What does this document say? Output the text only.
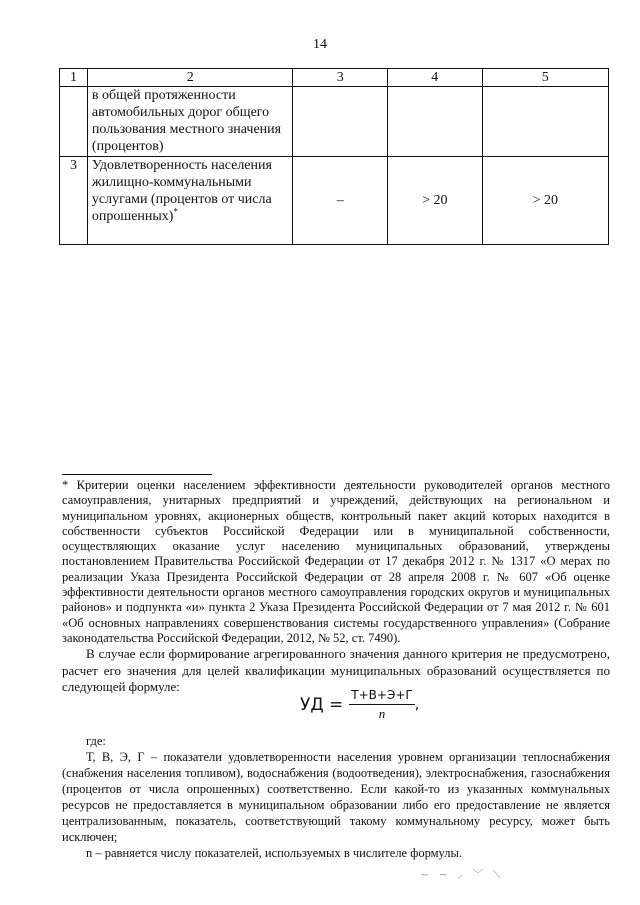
14
1	2	3	4	5
	в общей протяженности автомобильных дорог общего пользования местного значения (процентов)			
3	Удовлетворенность населения жилищно-коммунальными услугами (процентов от числа опрошенных)*	–	> 20	> 20
* Критерии оценки населением эффективности деятельности руководителей органов местного самоуправления, унитарных предприятий и учреждений, действующих на региональном и муниципальном уровнях, акционерных обществ, контрольный пакет акций которых находится в собственности субъектов Российской Федерации или в муниципальной собственности, осуществляющих оказание услуг населению муниципальных образований, утверждены постановлением Правительства Российской Федерации от 17 декабря 2012 г. № 1317 «О мерах по реализации Указа Президента Российской Федерации от 28 апреля 2008 г. № 607 «Об оценке эффективности деятельности органов местного самоуправления городских округов и муниципальных районов» и подпункта «и» пункта 2 Указа Президента Российской Федерации от 7 мая 2012 г. № 601 «Об основных направлениях совершенствования системы государственного управления» (Собрание законодательства Российской Федерации, 2012, № 52, ст. 7490).

В случае если формирование агрегированного значения данного критерия не предусмотрено, расчет его значения для целей квалификации муниципальных образований осуществляется по следующей формуле:

УД = $\frac{Т+В+Э+Г}{n}$ ,

где:

Т, В, Э, Г – показатели удовлетворенности населения уровнем организации теплоснабжения (снабжения населения топливом), водоснабжения (водоотведения), электроснабжения, газоснабжения (процентов от числа опрошенных) соответственно. Если какой-то из указанных коммунальных ресурсов не предоставляется в муниципальном образовании либо его предоставление не является централизованным, показатель, соответствующий такому коммунальному ресурсу, может быть исключен;

n – равняется числу показателей, используемых в числителе формулы.

~ ~ ⸝ ﹀ ⟍
